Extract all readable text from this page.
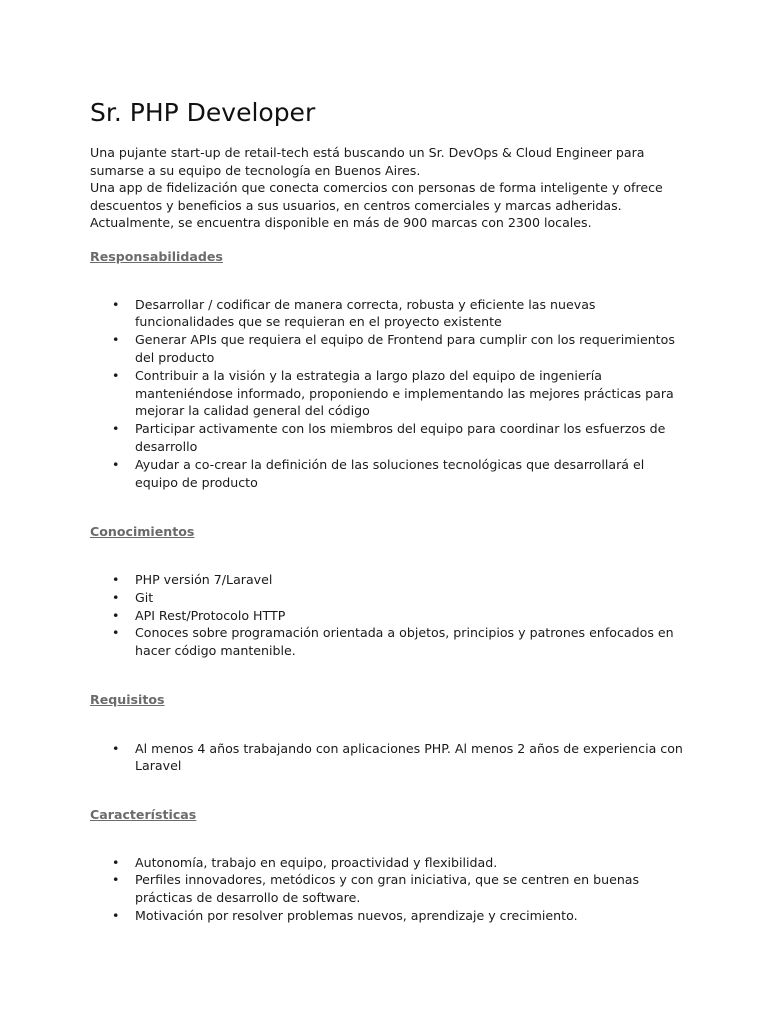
Sr. PHP Developer

Una pujante start-up de retail-tech está buscando un Sr. DevOps & Cloud Engineer para sumarse a su equipo de tecnología en Buenos Aires.

Una app de fidelización que conecta comercios con personas de forma inteligente y ofrece descuentos y beneficios a sus usuarios, en centros comerciales y marcas adheridas. Actualmente, se encuentra disponible en más de 900 marcas con 2300 locales.

Responsabilidades
• Desarrollar / codificar de manera correcta, robusta y eficiente las nuevas funcionalidades que se requieran en el proyecto existente
• Generar APIs que requiera el equipo de Frontend para cumplir con los requerimientos del producto
• Contribuir a la visión y la estrategia a largo plazo del equipo de ingeniería manteniéndose informado, proponiendo e implementando las mejores prácticas para mejorar la calidad general del código
• Participar activamente con los miembros del equipo para coordinar los esfuerzos de desarrollo
• Ayudar a co-crear la definición de las soluciones tecnológicas que desarrollará el equipo de producto
Conocimientos
• PHP versión 7/Laravel
• Git
• API Rest/Protocolo HTTP
• Conoces sobre programación orientada a objetos, principios y patrones enfocados en hacer código mantenible.
Requisitos
• Al menos 4 años trabajando con aplicaciones PHP. Al menos 2 años de experiencia con Laravel
Características
• Autonomía, trabajo en equipo, proactividad y flexibilidad.
• Perfiles innovadores, metódicos y con gran iniciativa, que se centren en buenas prácticas de desarrollo de software.
• Motivación por resolver problemas nuevos, aprendizaje y crecimiento.
